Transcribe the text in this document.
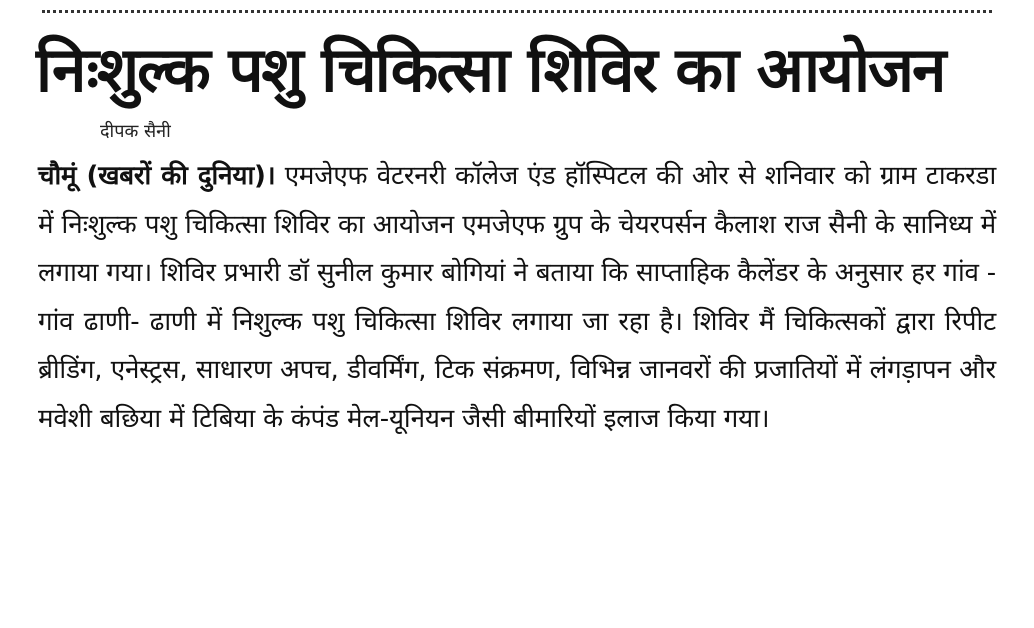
निःशुल्क पशु चिकित्सा शिविर का आयोजन
दीपक सैनी
चौमूं (खबरों की दुनिया)। एमजेएफ वेटरनरी कॉलेज एंड हॉस्पिटल की ओर से शनिवार को ग्राम टाकरडा में निःशुल्क पशु चिकित्सा शिविर का आयोजन एमजेएफ ग्रुप के चेयरपर्सन कैलाश राज सैनी के सानिध्य में लगाया गया। शिविर प्रभारी डॉ सुनील कुमार बोगियां ने बताया कि साप्ताहिक कैलेंडर के अनुसार हर गांव - गांव ढाणी- ढाणी में निशुल्क पशु चिकित्सा शिविर लगाया जा रहा है। शिविर मैं चिकित्सकों द्वारा रिपीट ब्रीडिंग, एनेस्ट्रस, साधारण अपच, डीवर्मिंग, टिक संक्रमण, विभिन्न जानवरों की प्रजातियों में लंगड़ापन और मवेशी बछिया में टिबिया के कंपंड मेल-यूनियन जैसी बीमारियों इलाज किया गया।
